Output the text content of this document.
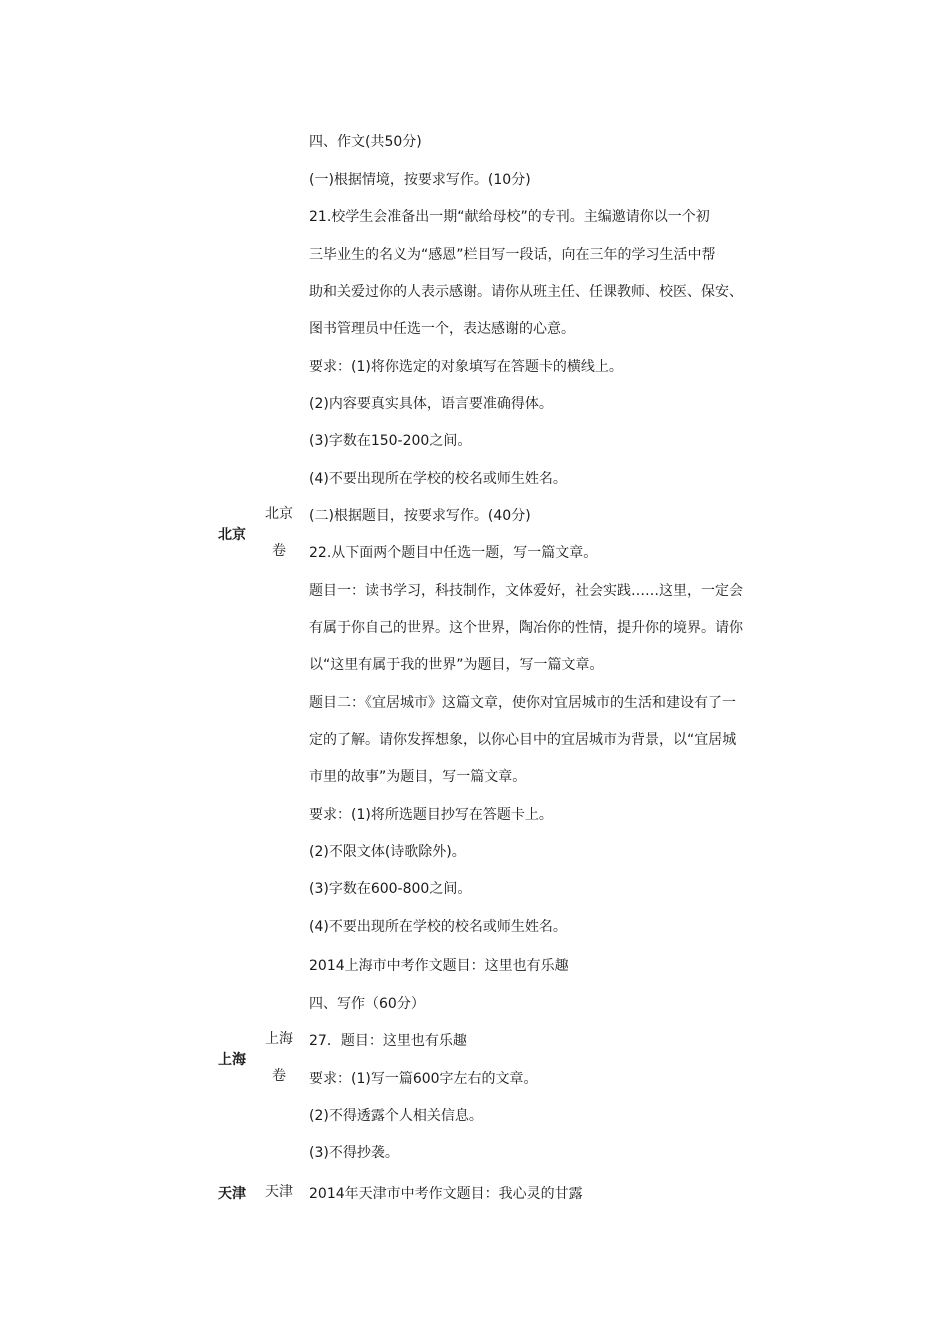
北京
北京
卷
四、作文(共50分)
(一)根据情境，按要求写作。(10分)
21.校学生会准备出一期“献给母校”的专刊。主编邀请你以一个初
三毕业生的名义为“感恩”栏目写一段话，向在三年的学习生活中帮
助和关爱过你的人表示感谢。请你从班主任、任课教师、校医、保安、
图书管理员中任选一个，表达感谢的心意。
要求：(1)将你选定的对象填写在答题卡的横线上。
(2)内容要真实具体，语言要准确得体。
(3)字数在150-200之间。
(4)不要出现所在学校的校名或师生姓名。
(二)根据题目，按要求写作。(40分)
22.从下面两个题目中任选一题，写一篇文章。
题目一：读书学习，科技制作，文体爱好，社会实践……这里，一定会
有属于你自己的世界。这个世界，陶冶你的性情，提升你的境界。请你
以“这里有属于我的世界”为题目，写一篇文章。
题目二：《宜居城市》这篇文章，使你对宜居城市的生活和建设有了一
定的了解。请你发挥想象，以你心目中的宜居城市为背景，以“宜居城
市里的故事”为题目，写一篇文章。
要求：(1)将所选题目抄写在答题卡上。
(2)不限文体(诗歌除外)。
(3)字数在600-800之间。
(4)不要出现所在学校的校名或师生姓名。
上海
上海
卷
2014上海市中考作文题目：这里也有乐趣
四、写作（60分）
27．题目：这里也有乐趣
要求：(1)写一篇600字左右的文章。
(2)不得透露个人相关信息。
(3)不得抄袭。
天津 天津 2014年天津市中考作文题目：我心灵的甘露
